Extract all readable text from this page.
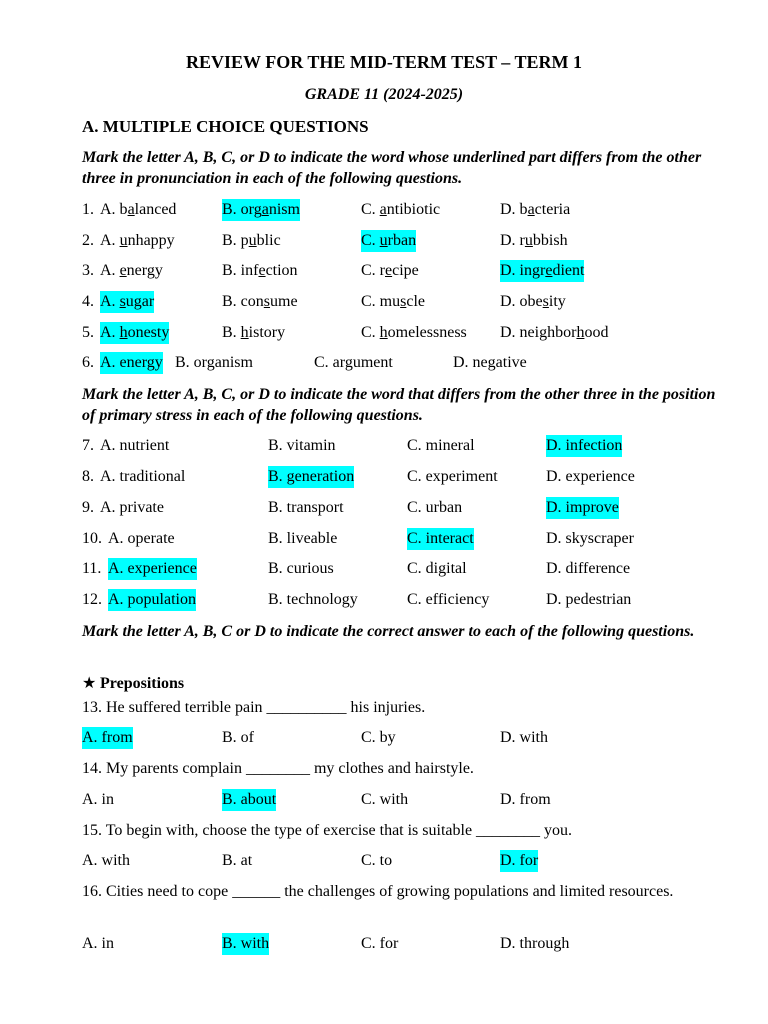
REVIEW FOR THE MID-TERM TEST – TERM 1
GRADE 11 (2024-2025)
A. MULTIPLE CHOICE QUESTIONS
Mark the letter A, B, C, or D to indicate the word whose underlined part differs from the other three in pronunciation in each of the following questions.
1. A. balanced	B. organism	C. antibiotic	D. bacteria
2. A. unhappy	B. public	C. urban	D. rubbish
3. A. energy	B. infection	C. recipe	D. ingredient
4. A. sugar	B. consume	C. muscle	D. obesity
5. A. honesty	B. history	C. homelessness D. neighborhood
6. A. energy B. organism	C. argument	D. negative
Mark the letter A, B, C, or D to indicate the word that differs from the other three in the position of primary stress in each of the following questions.
7. A. nutrient	B. vitamin	C. mineral	D. infection
8. A. traditional	B. generation	C. experiment	D. experience
9. A. private	B. transport	C. urban	D. improve
10. A. operate	B. liveable	C. interact	D. skyscraper
11. A. experience	B. curious	C. digital	D. difference
12. A. population	B. technology	C. efficiency	D. pedestrian
Mark the letter A, B, C or D to indicate the correct answer to each of the following questions.
★ Prepositions
13. He suffered terrible pain __________ his injuries.
A. from	B. of	C. by	D. with
14. My parents complain ________ my clothes and hairstyle.
A. in	B. about	C. with	D. from
15. To begin with, choose the type of exercise that is suitable ________ you.
A. with	B. at	C. to	D. for
16. Cities need to cope ______ the challenges of growing populations and limited resources.
A. in	B. with	C. for	D. through
